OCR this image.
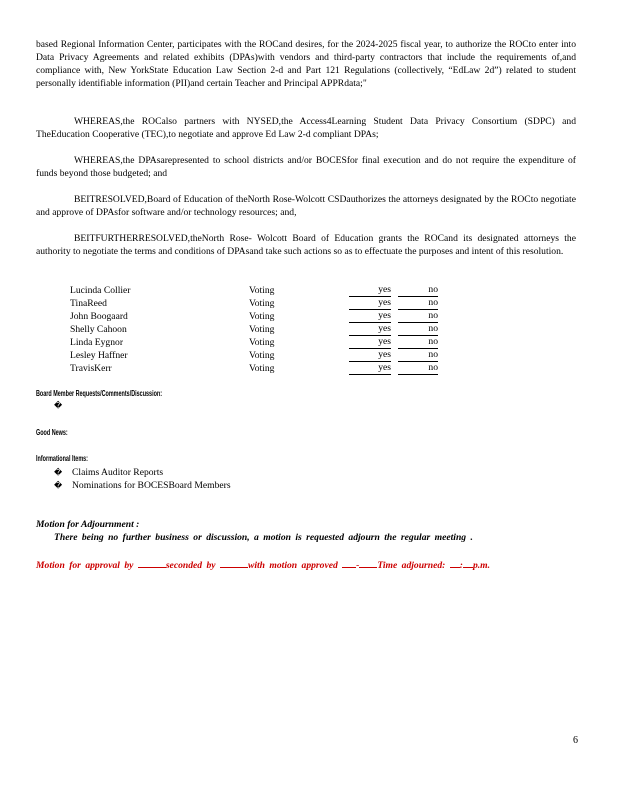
based Regional Information Center, participates with the ROCand desires, for the 2024-2025 fiscal year, to authorize the ROCto enter into Data Privacy Agreements and related exhibits (DPAs)with vendors and third-party contractors that include the requirements of,and compliance with, New YorkState Education Law Section 2-d and Part 121 Regulations (collectively, “EdLaw 2d”) related to student personally identifiable information (PII)and certain Teacher and Principal APPRdata;"

WHEREAS,the ROCalso partners with NYSED,the Access4Learning Student Data Privacy Consortium (SDPC) and TheEducation Cooperative (TEC),to negotiate and approve Ed Law 2-d compliant DPAs;

WHEREAS,the DPAsarepresented to school districts and/or BOCESfor final execution and do not require the expenditure of funds beyond those budgeted; and

BEITRESOLVED,Board of Education of theNorth Rose-Wolcott CSDauthorizes the attorneys designated by the ROCto negotiate and approve of DPAsfor software and/or technology resources; and,

BEITFURTHERRESOLVED,theNorth Rose- Wolcott Board of Education grants the ROCand its designated attorneys the authority to negotiate the terms and conditions of DPAsand take such actions so as to effectuate the purposes and intent of this resolution.

Lucinda Collier	Voting	yes	no
TinaReed	Voting	yes	no
John Boogaard	Voting	yes	no
Shelly Cahoon	Voting	yes	no
Linda Eygnor	Voting	yes	no
Lesley Haffner	Voting	yes	no
TravisKerr	Voting	yes	no
Board Member Requests/Comments/Discussion:
�
Good News:
Informational Items:
� Claims Auditor Reports
� Nominations for BOCESBoard Members
Motion for Adjournment :
There being no further business or discussion, a motion is requested adjourn the regular meeting .
Motion for approval by	seconded by	with motion approved - Time adjourned: : p.m.
6
